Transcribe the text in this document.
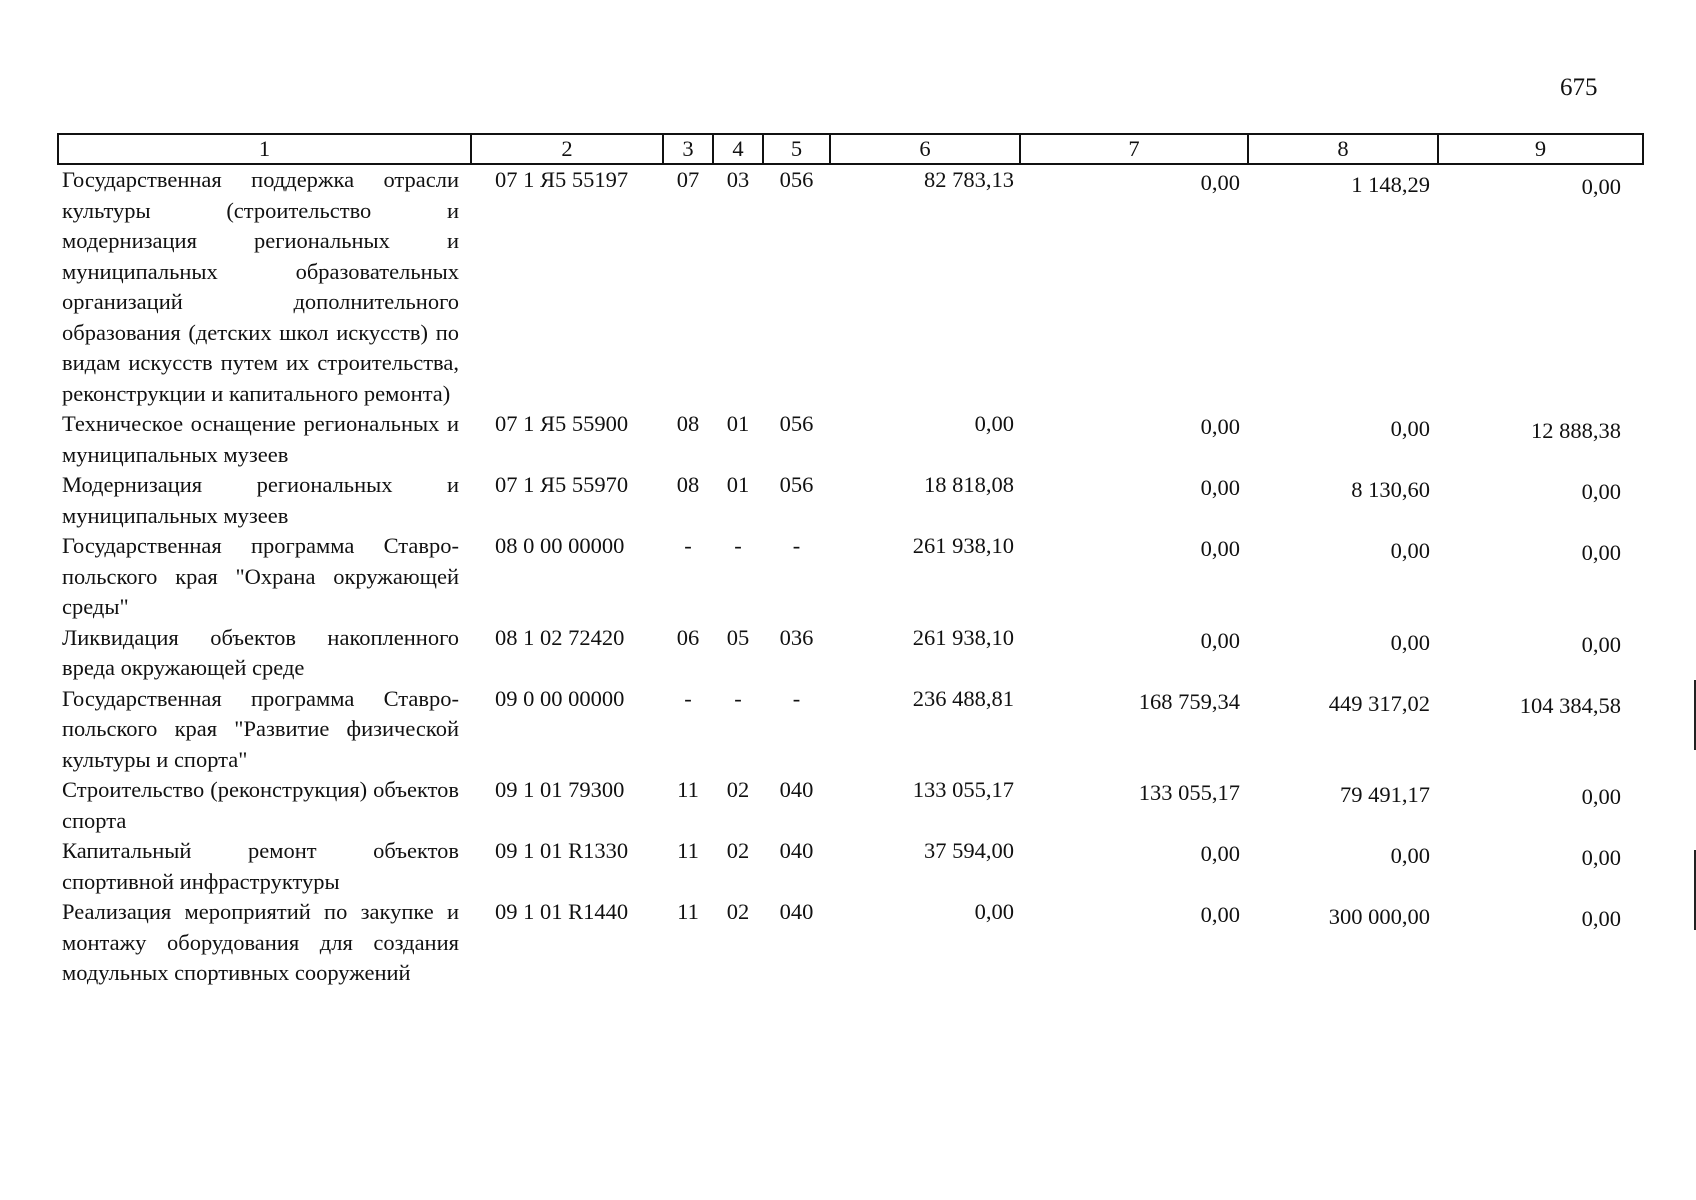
675
1	2	3	4	5	6	7	8	9
Государственная поддержка отрасли культуры (строительство и модернизация региональных и муниципальных образовательных организаций дополнительного образования (детских школ искусств) по видам искусств путем их строительства, реконструкции и капитального ремонта)	07 1 Я5 55197	07	03	056	82 783,13	0,00	1 148,29	0,00
Техническое оснащение региональных и муниципальных музеев	07 1 Я5 55900	08	01	056	0,00	0,00	0,00	12 888,38
Модернизация региональных и муниципальных музеев	07 1 Я5 55970	08	01	056	18 818,08	0,00	8 130,60	0,00
Государственная программа Ставропольского края "Охрана окружающей среды"	08 0 00 00000	-	-	-	261 938,10	0,00	0,00	0,00
Ликвидация объектов накопленного вреда окружающей среде	08 1 02 72420	06	05	036	261 938,10	0,00	0,00	0,00
Государственная программа Ставропольского края "Развитие физической культуры и спорта"	09 0 00 00000	-	-	-	236 488,81	168 759,34	449 317,02	104 384,58
Строительство (реконструкция) объектов спорта	09 1 01 79300	11	02	040	133 055,17	133 055,17	79 491,17	0,00
Капитальный ремонт объектов спортивной инфраструктуры	09 1 01 R1330	11	02	040	37 594,00	0,00	0,00	0,00
Реализация мероприятий по закупке и монтажу оборудования для создания модульных спортивных сооружений	09 1 01 R1440	11	02	040	0,00	0,00	300 000,00	0,00
